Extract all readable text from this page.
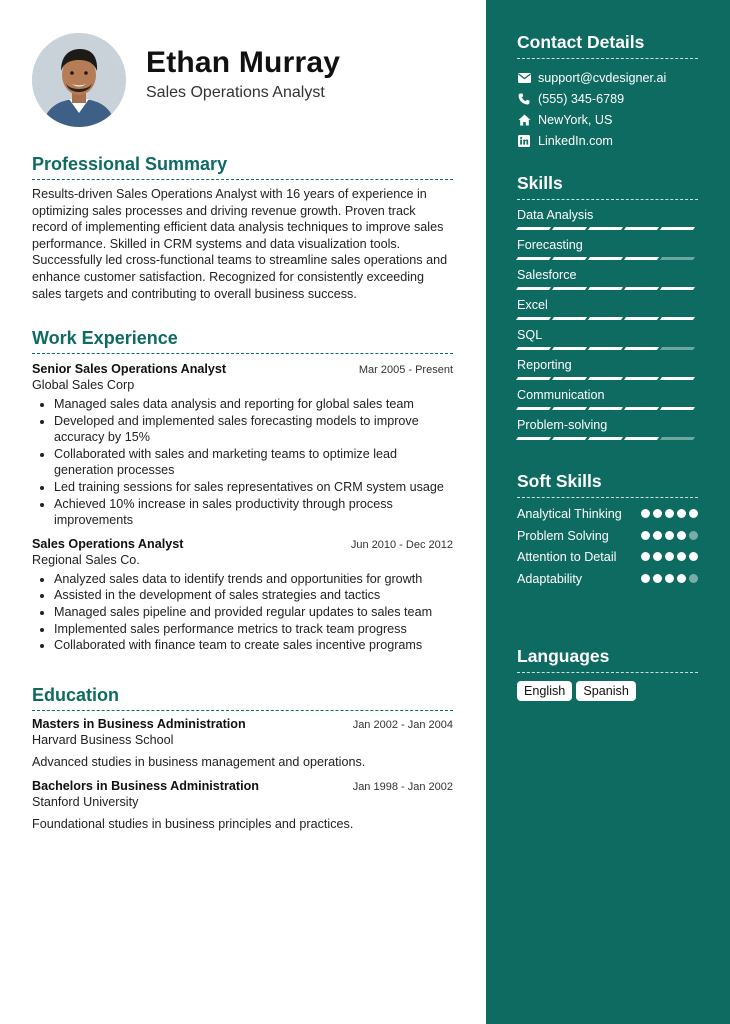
Ethan Murray
Sales Operations Analyst
Professional Summary
Results-driven Sales Operations Analyst with 16 years of experience in optimizing sales processes and driving revenue growth. Proven track record of implementing efficient data analysis techniques to improve sales performance. Skilled in CRM systems and data visualization tools. Successfully led cross-functional teams to streamline sales operations and enhance customer satisfaction. Recognized for consistently exceeding sales targets and contributing to overall business success.
Work Experience
Senior Sales Operations Analyst	Mar 2005 - Present
Global Sales Corp
• Managed sales data analysis and reporting for global sales team
• Developed and implemented sales forecasting models to improve accuracy by 15%
• Collaborated with sales and marketing teams to optimize lead generation processes
• Led training sessions for sales representatives on CRM system usage
• Achieved 10% increase in sales productivity through process improvements
Sales Operations Analyst	Jun 2010 - Dec 2012
Regional Sales Co.
• Analyzed sales data to identify trends and opportunities for growth
• Assisted in the development of sales strategies and tactics
• Managed sales pipeline and provided regular updates to sales team
• Implemented sales performance metrics to track team progress
• Collaborated with finance team to create sales incentive programs
Education
Masters in Business Administration	Jan 2002 - Jan 2004
Harvard Business School
Advanced studies in business management and operations.
Bachelors in Business Administration	Jan 1998 - Jan 2002
Stanford University
Foundational studies in business principles and practices.
Contact Details
support@cvdesigner.ai
(555) 345-6789
NewYork, US
LinkedIn.com
Skills
Data Analysis
Forecasting
Salesforce
Excel
SQL
Reporting
Communication
Problem-solving
Soft Skills
Analytical Thinking
Problem Solving
Attention to Detail
Adaptability
Languages
English	Spanish
